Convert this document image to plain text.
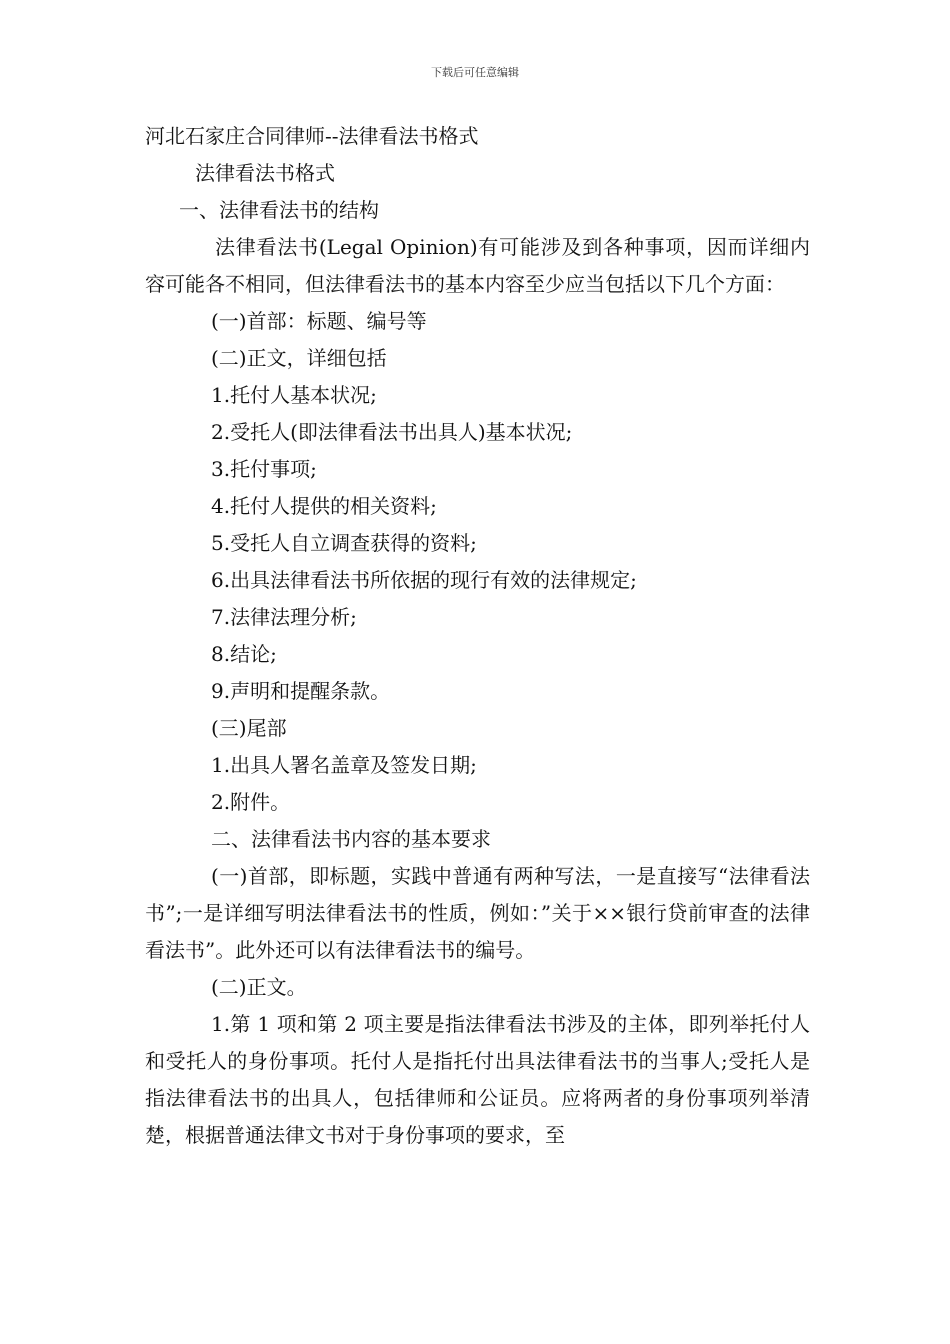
下载后可任意编辑

河北石家庄合同律师--法律看法书格式

法律看法书格式

一、法律看法书的结构

法律看法书(Legal Opinion)有可能涉及到各种事项，因而详细内容可能各不相同，但法律看法书的基本内容至少应当包括以下几个方面：

(一)首部：标题、编号等

(二)正文，详细包括

1.托付人基本状况;

2.受托人(即法律看法书出具人)基本状况;

3.托付事项;

4.托付人提供的相关资料;

5.受托人自立调查获得的资料;

6.出具法律看法书所依据的现行有效的法律规定;

7.法律法理分析;

8.结论;

9.声明和提醒条款。

(三)尾部

1.出具人署名盖章及签发日期;

2.附件。

二、法律看法书内容的基本要求

(一)首部，即标题，实践中普通有两种写法，一是直接写“法律看法书”;一是详细写明法律看法书的性质，例如：”关于××银行贷前审查的法律看法书”。此外还可以有法律看法书的编号。

(二)正文。

1.第 1 项和第 2 项主要是指法律看法书涉及的主体，即列举托付人和受托人的身份事项。托付人是指托付出具法律看法书的当事人;受托人是指法律看法书的出具人，包括律师和公证员。应将两者的身份事项列举清楚，根据普通法律文书对于身份事项的要求，至
